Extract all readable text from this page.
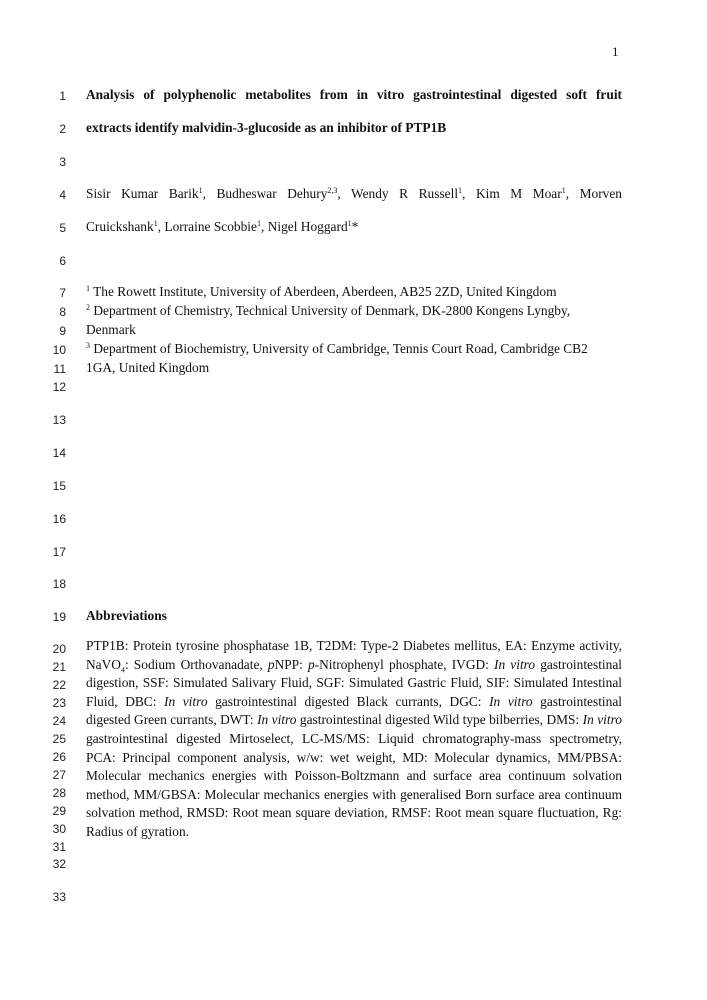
1
1
2
3
4
5
6
7
8
9
10
11
12
13
14
15
16
17
18
19
20
21
22
23
24
25
26
27
28
29
30
31
32
33
Analysis of polyphenolic metabolites from in vitro gastrointestinal digested soft fruit
extracts identify malvidin-3-glucoside as an inhibitor of PTP1B
Sisir Kumar Barik$^1$, Budheswar Dehury$^{2,3}$, Wendy R Russell$^1$, Kim M Moar$^1$, Morven
Cruickshank$^1$, Lorraine Scobbie$^1$, Nigel Hoggard$^1$*
$^1$ The Rowett Institute, University of Aberdeen, Aberdeen, AB25 2ZD, United Kingdom
$^2$ Department of Chemistry, Technical University of Denmark, DK-2800 Kongens Lyngby,
Denmark
$^3$ Department of Biochemistry, University of Cambridge, Tennis Court Road, Cambridge CB2
1GA, United Kingdom
Abbreviations
PTP1B: Protein tyrosine phosphatase 1B, T2DM: Type-2 Diabetes mellitus, EA: Enzyme activity, NaVO$_4$: Sodium Orthovanadate, pNPP: p-Nitrophenyl phosphate, IVGD: In vitro gastrointestinal digestion, SSF: Simulated Salivary Fluid, SGF: Simulated Gastric Fluid, SIF: Simulated Intestinal Fluid, DBC: In vitro gastrointestinal digested Black currants, DGC: In vitro gastrointestinal digested Green currants, DWT: In vitro gastrointestinal digested Wild type bilberries, DMS: In vitro gastrointestinal digested Mirtoselect, LC-MS/MS: Liquid chromatography-mass spectrometry, PCA: Principal component analysis, w/w: wet weight, MD: Molecular dynamics, MM/PBSA: Molecular mechanics energies with Poisson-Boltzmann and surface area continuum solvation method, MM/GBSA: Molecular mechanics energies with generalised Born surface area continuum solvation method, RMSD: Root mean square deviation, RMSF: Root mean square fluctuation, Rg: Radius of gyration.
